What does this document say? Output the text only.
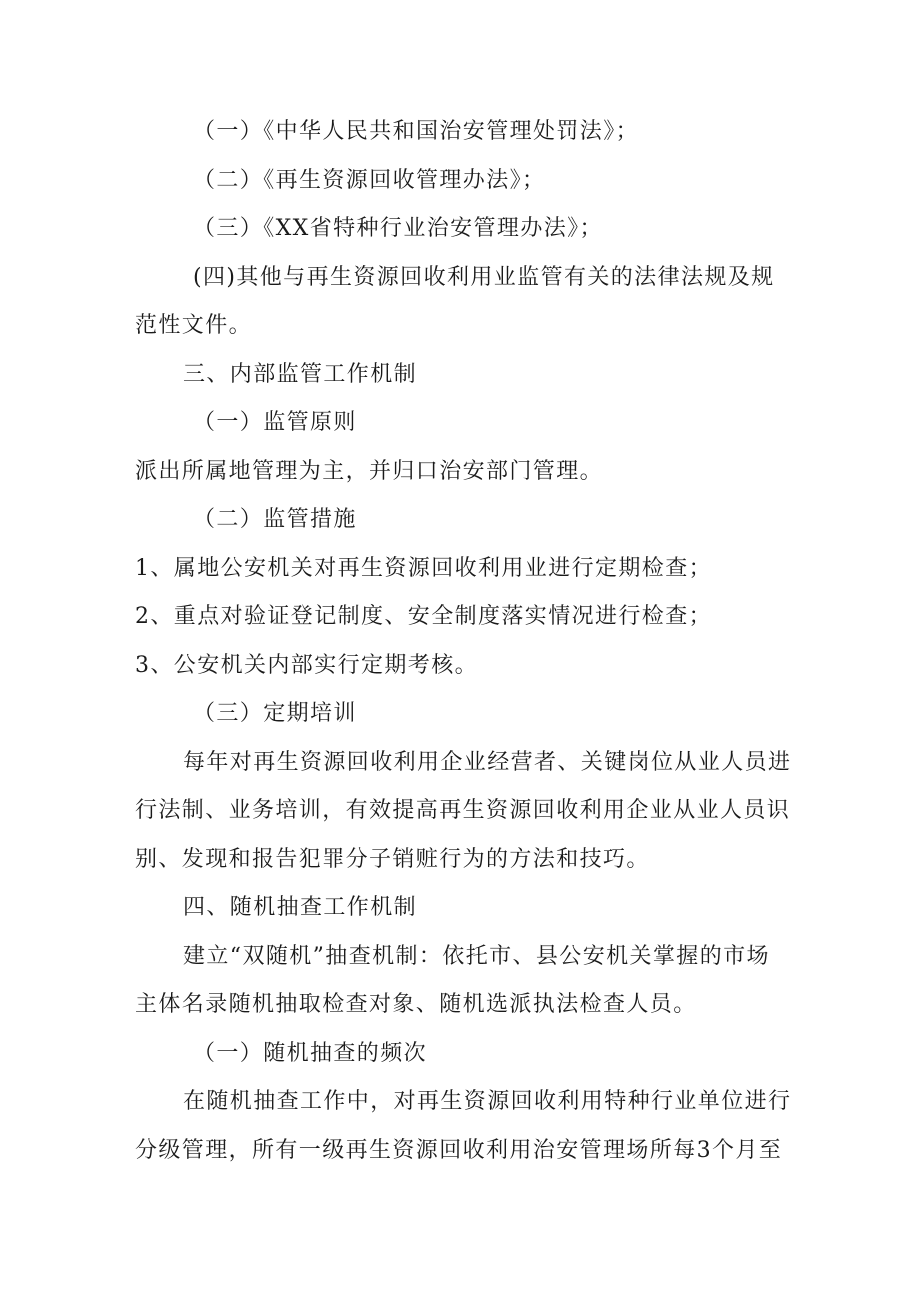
（一）《中华人民共和国治安管理处罚法》；
（二）《再生资源回收管理办法》；
（三）《XX省特种行业治安管理办法》；
(四)其他与再生资源回收利用业监管有关的法律法规及规
范性文件。
三、内部监管工作机制
（一）监管原则
派出所属地管理为主，并归口治安部门管理。
（二）监管措施
1、属地公安机关对再生资源回收利用业进行定期检查；
2、重点对验证登记制度、安全制度落实情况进行检查；
3、公安机关内部实行定期考核。
（三）定期培训
每年对再生资源回收利用企业经营者、关键岗位从业人员进
行法制、业务培训，有效提高再生资源回收利用企业从业人员识
别、发现和报告犯罪分子销赃行为的方法和技巧。
四、随机抽查工作机制
建立“双随机”抽查机制：依托市、县公安机关掌握的市场
主体名录随机抽取检查对象、随机选派执法检查人员。
（一）随机抽查的频次
在随机抽查工作中，对再生资源回收利用特种行业单位进行
分级管理，所有一级再生资源回收利用治安管理场所每3个月至
